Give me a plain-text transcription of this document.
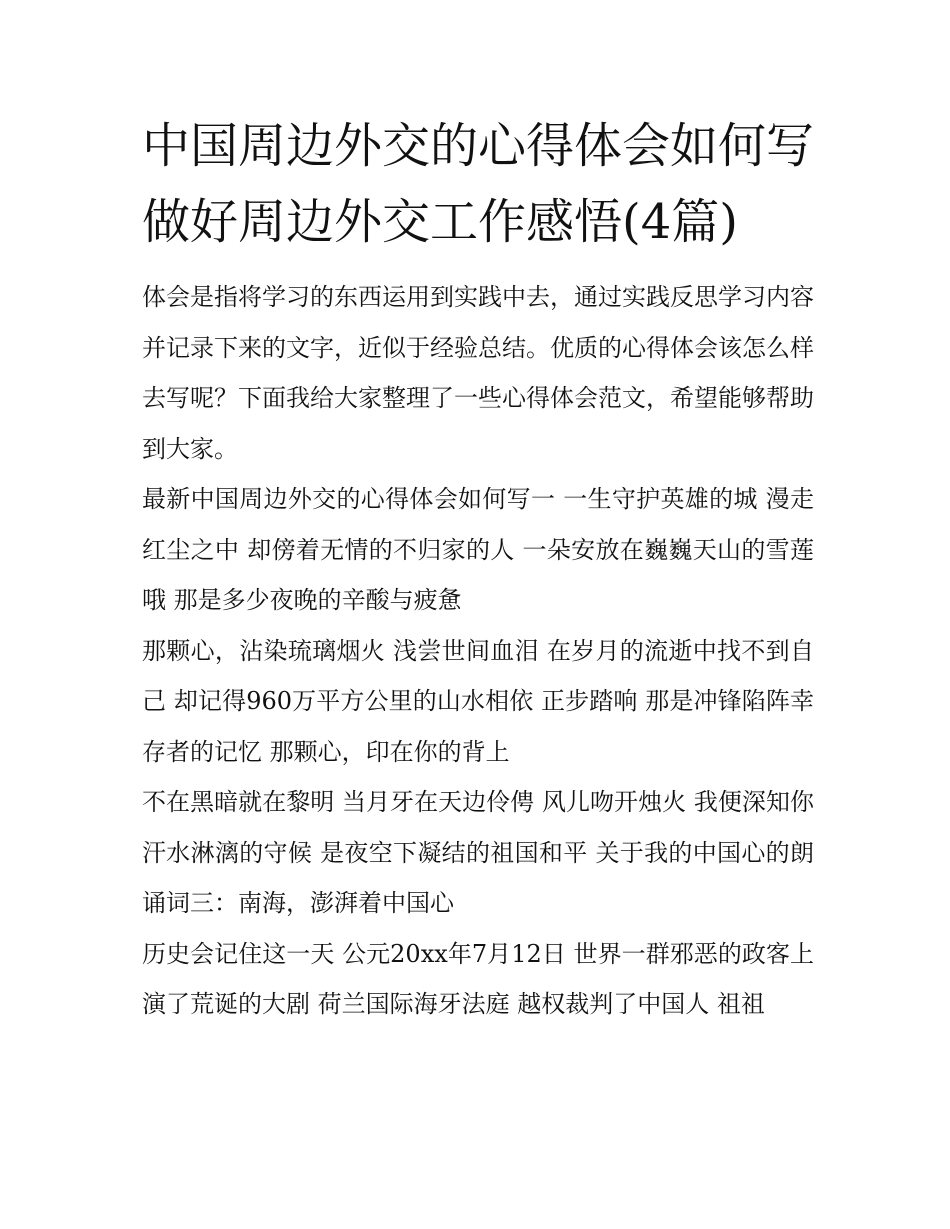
中国周边外交的心得体会如何写 做好周边外交工作感悟(4篇)

体会是指将学习的东西运用到实践中去，通过实践反思学习内容并记录下来的文字，近似于经验总结。优质的心得体会该怎么样去写呢？下面我给大家整理了一些心得体会范文，希望能够帮助到大家。

最新中国周边外交的心得体会如何写一 一生守护英雄的城 漫走红尘之中 却傍着无情的不归家的人 一朵安放在巍巍天山的雪莲哦 那是多少夜晚的辛酸与疲惫

那颗心，沾染琉璃烟火 浅尝世间血泪 在岁月的流逝中找不到自己 却记得960万平方公里的山水相依 正步踏响 那是冲锋陷阵幸存者的记忆 那颗心，印在你的背上

不在黑暗就在黎明 当月牙在天边伶俜 风儿吻开烛火 我便深知你汗水淋漓的守候 是夜空下凝结的祖国和平 关于我的中国心的朗诵词三：南海，澎湃着中国心

历史会记住这一天 公元20xx年7月12日 世界一群邪恶的政客上演了荒诞的大剧 荷兰国际海牙法庭 越权裁判了中国人 祖祖
